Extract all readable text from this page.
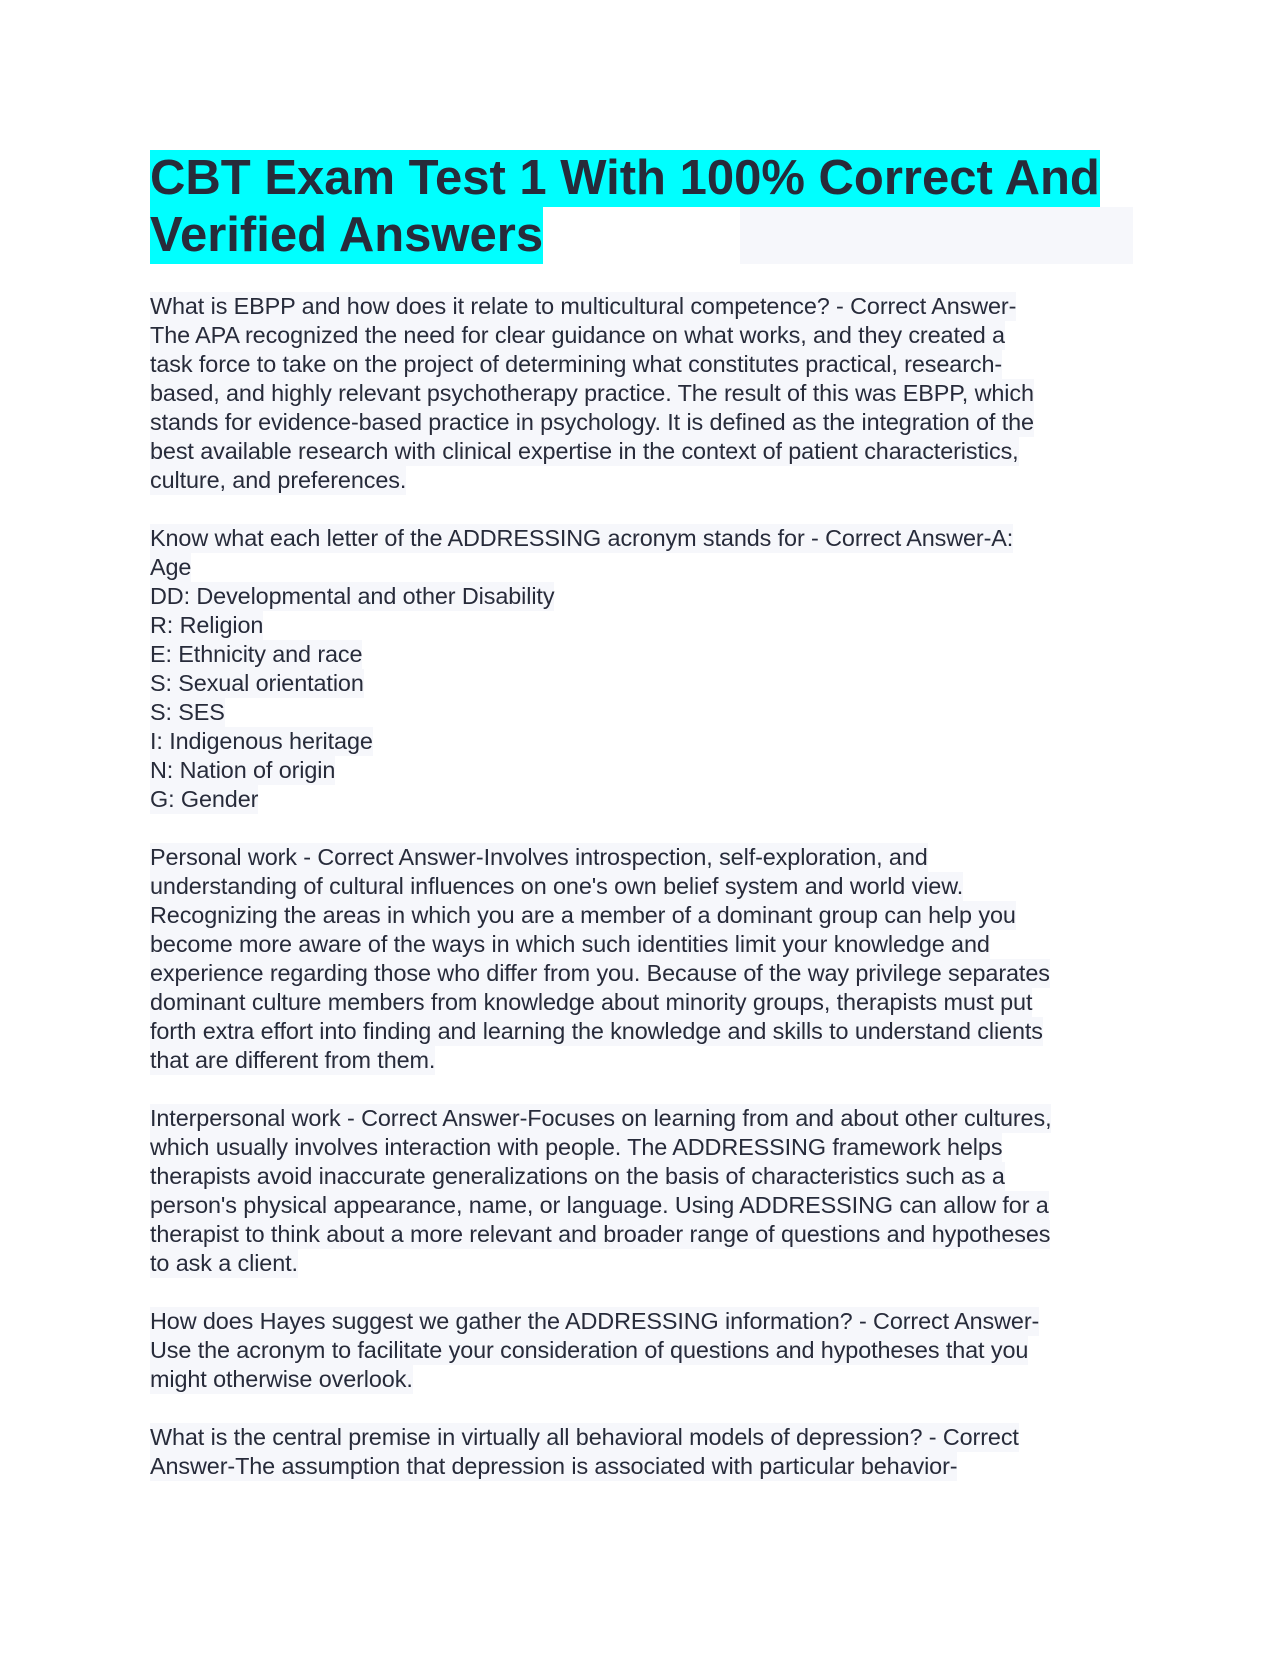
CBT Exam Test 1 With 100% Correct And
Verified Answers
What is EBPP and how does it relate to multicultural competence? - Correct Answer-
The APA recognized the need for clear guidance on what works, and they created a
task force to take on the project of determining what constitutes practical, research-
based, and highly relevant psychotherapy practice. The result of this was EBPP, which
stands for evidence-based practice in psychology. It is defined as the integration of the
best available research with clinical expertise in the context of patient characteristics,
culture, and preferences.
Know what each letter of the ADDRESSING acronym stands for - Correct Answer-A:
Age
DD: Developmental and other Disability
R: Religion
E: Ethnicity and race
S: Sexual orientation
S: SES
I: Indigenous heritage
N: Nation of origin
G: Gender
Personal work - Correct Answer-Involves introspection, self-exploration, and
understanding of cultural influences on one's own belief system and world view.
Recognizing the areas in which you are a member of a dominant group can help you
become more aware of the ways in which such identities limit your knowledge and
experience regarding those who differ from you. Because of the way privilege separates
dominant culture members from knowledge about minority groups, therapists must put
forth extra effort into finding and learning the knowledge and skills to understand clients
that are different from them.
Interpersonal work - Correct Answer-Focuses on learning from and about other cultures,
which usually involves interaction with people. The ADDRESSING framework helps
therapists avoid inaccurate generalizations on the basis of characteristics such as a
person's physical appearance, name, or language. Using ADDRESSING can allow for a
therapist to think about a more relevant and broader range of questions and hypotheses
to ask a client.
How does Hayes suggest we gather the ADDRESSING information? - Correct Answer-
Use the acronym to facilitate your consideration of questions and hypotheses that you
might otherwise overlook.
What is the central premise in virtually all behavioral models of depression? - Correct
Answer-The assumption that depression is associated with particular behavior-
